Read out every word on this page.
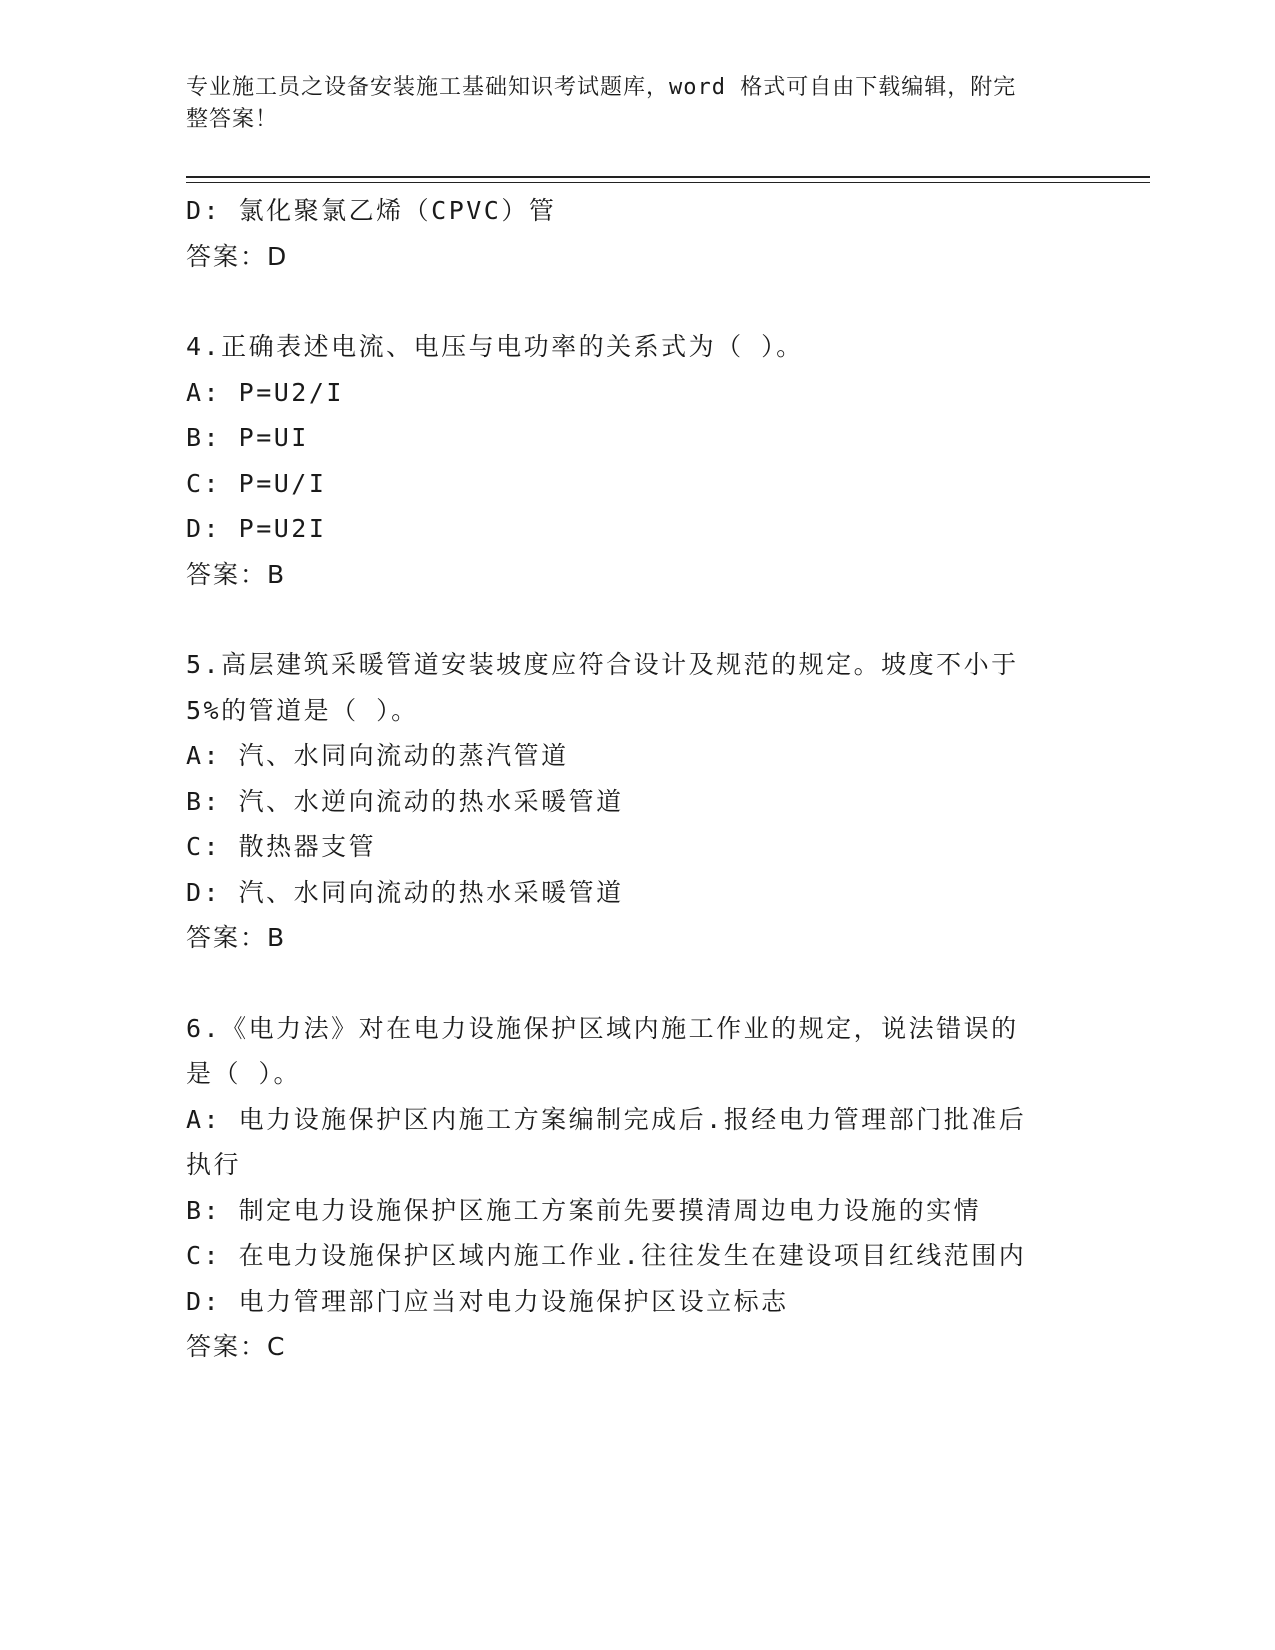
专业施工员之设备安装施工基础知识考试题库，word 格式可自由下载编辑，附完
整答案！
D: 氯化聚氯乙烯（CPVC）管
答案：D
4.正确表述电流、电压与电功率的关系式为（ ）。
A: P=U2/I
B: P=UI
C: P=U/I
D: P=U2I
答案：B
5.高层建筑采暖管道安装坡度应符合设计及规范的规定。坡度不小于
5%的管道是（ ）。
A: 汽、水同向流动的蒸汽管道
B: 汽、水逆向流动的热水采暖管道
C: 散热器支管
D: 汽、水同向流动的热水采暖管道
答案：B
6.《电力法》对在电力设施保护区域内施工作业的规定，说法错误的
是（ ）。
A: 电力设施保护区内施工方案编制完成后.报经电力管理部门批准后
执行
B: 制定电力设施保护区施工方案前先要摸清周边电力设施的实情
C: 在电力设施保护区域内施工作业.往往发生在建设项目红线范围内
D: 电力管理部门应当对电力设施保护区设立标志
答案：C
